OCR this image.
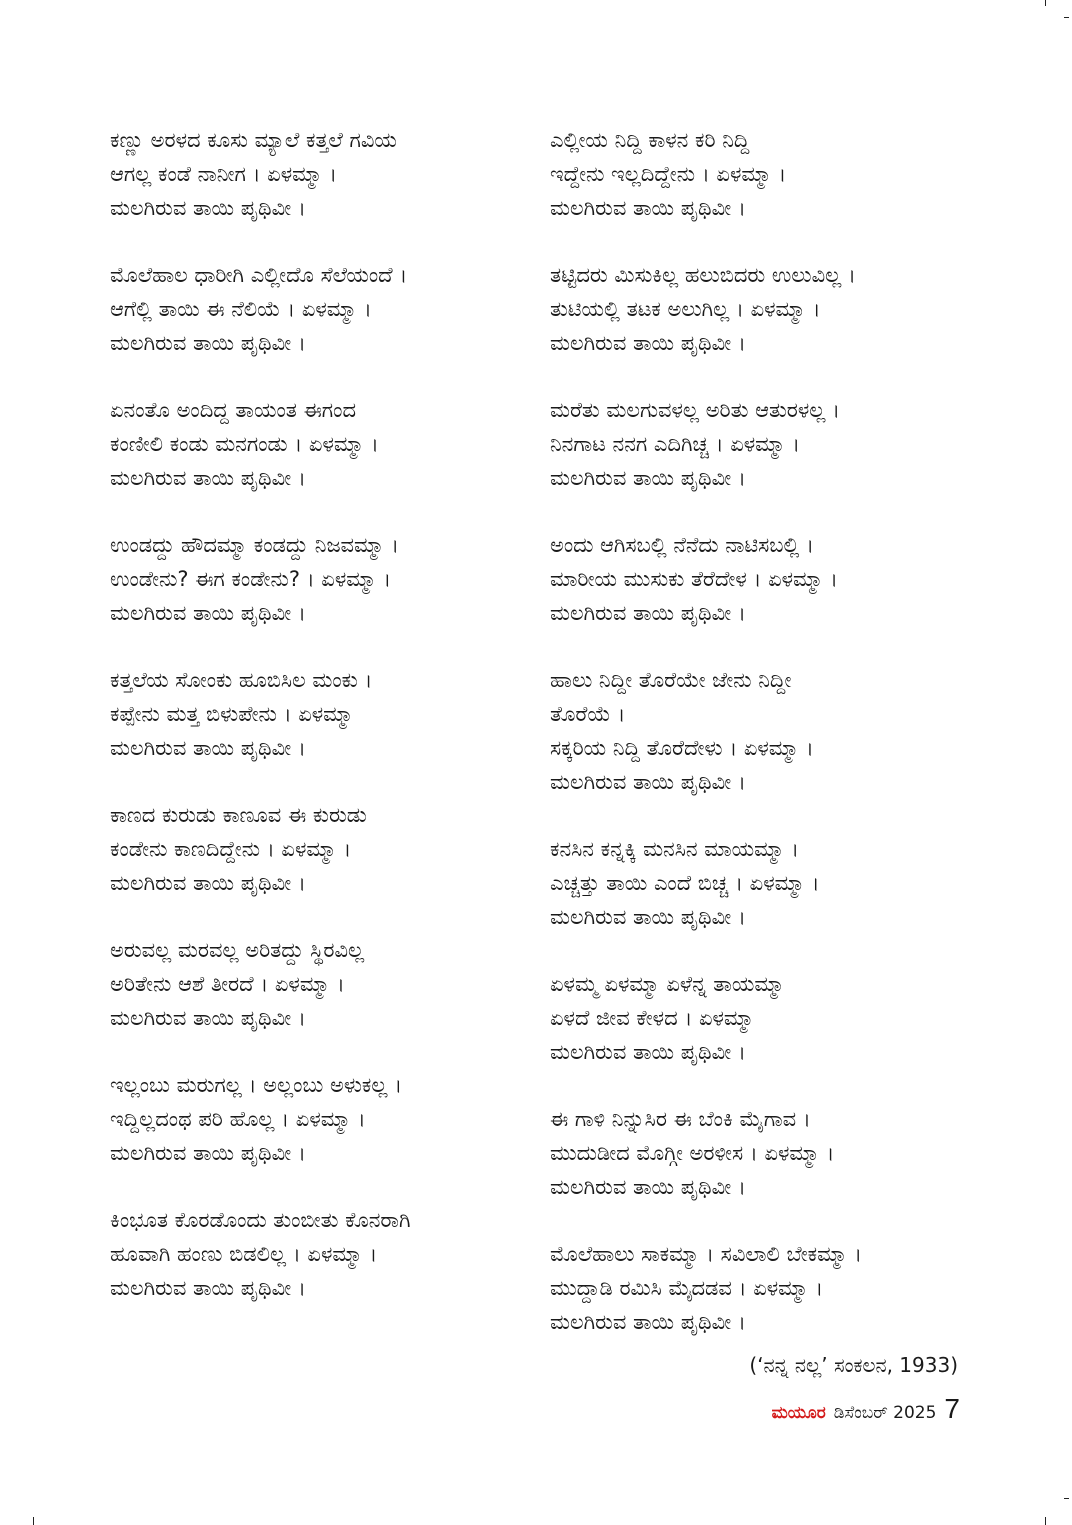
ಕಣ್ಣು ಅರಳದ ಕೂಸು ಮ್ಯಾಲೆ ಕತ್ತಲೆ ಗವಿಯ
ಆಗಲ್ಲ ಕಂಡೆ ನಾನೀಗ । ಏಳಮ್ಮಾ ।
ಮಲಗಿರುವ ತಾಯಿ ಪೃಥಿವೀ ।
ಮೊಲೆಹಾಲ ಧಾರೀಗಿ ಎಲ್ಲೀದೊ ಸೆಲೆಯಂದೆ ।
ಆಗೆಲ್ಲಿ ತಾಯಿ ಈ ನೆಲಿಯೆ । ಏಳಮ್ಮಾ ।
ಮಲಗಿರುವ ತಾಯಿ ಪೃಥಿವೀ ।
ಏನಂತೊ ಅಂದಿದ್ದ ತಾಯಂತ ಈಗಂದ
ಕಂಣೀಲಿ ಕಂಡು ಮನಗಂಡು । ಏಳಮ್ಮಾ ।
ಮಲಗಿರುವ ತಾಯಿ ಪೃಥಿವೀ ।
ಉಂಡದ್ದು ಹೌದಮ್ಮಾ ಕಂಡದ್ದು ನಿಜವಮ್ಮಾ ।
ಉಂಡೇನು? ಈಗ ಕಂಡೇನು? । ಏಳಮ್ಮಾ ।
ಮಲಗಿರುವ ತಾಯಿ ಪೃಥಿವೀ ।
ಕತ್ತಲೆಯ ಸೋಂಕು ಹೂಬಿಸಿಲ ಮಂಕು ।
ಕಪ್ಪೇನು ಮತ್ತ ಬಿಳುಪೇನು । ಏಳಮ್ಮಾ
ಮಲಗಿರುವ ತಾಯಿ ಪೃಥಿವೀ ।
ಕಾಣದ ಕುರುಡು ಕಾಣೂವ ಈ ಕುರುಡು
ಕಂಡೇನು ಕಾಣದಿದ್ದೇನು । ಏಳಮ್ಮಾ ।
ಮಲಗಿರುವ ತಾಯಿ ಪೃಥಿವೀ ।
ಅರುವಲ್ಲ ಮರವಲ್ಲ ಅರಿತದ್ದು ಸ್ಥಿರವಿಲ್ಲ
ಅರಿತೇನು ಆಶೆ ತೀರದೆ । ಏಳಮ್ಮಾ ।
ಮಲಗಿರುವ ತಾಯಿ ಪೃಥಿವೀ ।
ಇಲ್ಲಂಬು ಮರುಗಲ್ಲ । ಅಲ್ಲಂಬು ಅಳುಕಲ್ಲ ।
ಇದ್ದಿಲ್ಲದಂಥ ಪರಿ ಹೊಲ್ಲ । ಏಳಮ್ಮಾ ।
ಮಲಗಿರುವ ತಾಯಿ ಪೃಥಿವೀ ।
ಕಿಂಭೂತ ಕೊರಡೊಂದು ತುಂಬೀತು ಕೊನರಾಗಿ
ಹೂವಾಗಿ ಹಂಣು ಬಿಡಲಿಲ್ಲ । ಏಳಮ್ಮಾ ।
ಮಲಗಿರುವ ತಾಯಿ ಪೃಥಿವೀ ।
ಎಲ್ಲೀಯ ನಿದ್ದಿ ಕಾಳನ ಕರಿ ನಿದ್ದಿ
ಇದ್ದೇನು ಇಲ್ಲದಿದ್ದೇನು । ಏಳಮ್ಮಾ ।
ಮಲಗಿರುವ ತಾಯಿ ಪೃಥಿವೀ ।
ತಟ್ಟಿದರು ಮಿಸುಕಿಲ್ಲ ಹಲುಬಿದರು ಉಲುವಿಲ್ಲ ।
ತುಟಿಯಲ್ಲಿ ತಟಕ ಅಲುಗಿಲ್ಲ । ಏಳಮ್ಮಾ ।
ಮಲಗಿರುವ ತಾಯಿ ಪೃಥಿವೀ ।
ಮರೆತು ಮಲಗುವಳಲ್ಲ ಅರಿತು ಆತುರಳಲ್ಲ ।
ನಿನಗಾಟ ನನಗ ಎದಿಗಿಚ್ಚ । ಏಳಮ್ಮಾ ।
ಮಲಗಿರುವ ತಾಯಿ ಪೃಥಿವೀ ।
ಅಂದು ಆಗಿಸಬಲ್ಲಿ ನೆನೆದು ನಾಟಿಸಬಲ್ಲಿ ।
ಮಾರೀಯ ಮುಸುಕು ತೆರೆದೇಳ । ಏಳಮ್ಮಾ ।
ಮಲಗಿರುವ ತಾಯಿ ಪೃಥಿವೀ ।
ಹಾಲು ನಿದ್ದೀ ತೊರೆಯೇ ಜೇನು ನಿದ್ದೀ
ತೊರೆಯೆ ।
ಸಕ್ಕರಿಯ ನಿದ್ದಿ ತೊರೆದೇಳು । ಏಳಮ್ಮಾ ।
ಮಲಗಿರುವ ತಾಯಿ ಪೃಥಿವೀ ।
ಕನಸಿನ ಕನ್ನಕ್ಕಿ ಮನಸಿನ ಮಾಯಮ್ಮಾ ।
ಎಚ್ಚತ್ತು ತಾಯಿ ಎಂದೆ ಬಿಚ್ಚ । ಏಳಮ್ಮಾ ।
ಮಲಗಿರುವ ತಾಯಿ ಪೃಥಿವೀ ।
ಏಳಮ್ಮ ಏಳಮ್ಮಾ ಏಳೆನ್ನ ತಾಯಮ್ಮಾ
ಏಳದೆ ಜೀವ ಕೇಳದ । ಏಳಮ್ಮಾ
ಮಲಗಿರುವ ತಾಯಿ ಪೃಥಿವೀ ।
ಈ ಗಾಳಿ ನಿನ್ನುಸಿರ ಈ ಬೆಂಕಿ ಮೈಗಾವ ।
ಮುದುಡೀದ ಮೊಗ್ಗೀ ಅರಳೀಸ । ಏಳಮ್ಮಾ ।
ಮಲಗಿರುವ ತಾಯಿ ಪೃಥಿವೀ ।
ಮೊಲೆಹಾಲು ಸಾಕಮ್ಮಾ । ಸವಿಲಾಲಿ ಬೇಕಮ್ಮಾ ।
ಮುದ್ದಾಡಿ ರಮಿಸಿ ಮೈದಡವ । ಏಳಮ್ಮಾ ।
ಮಲಗಿರುವ ತಾಯಿ ಪೃಥಿವೀ ।
(‘ನನ್ನ ನಲ್ಲ’ ಸಂಕಲನ, 1933)
ಮಯೂರ ಡಿಸೆಂಬರ್ 2025 7
